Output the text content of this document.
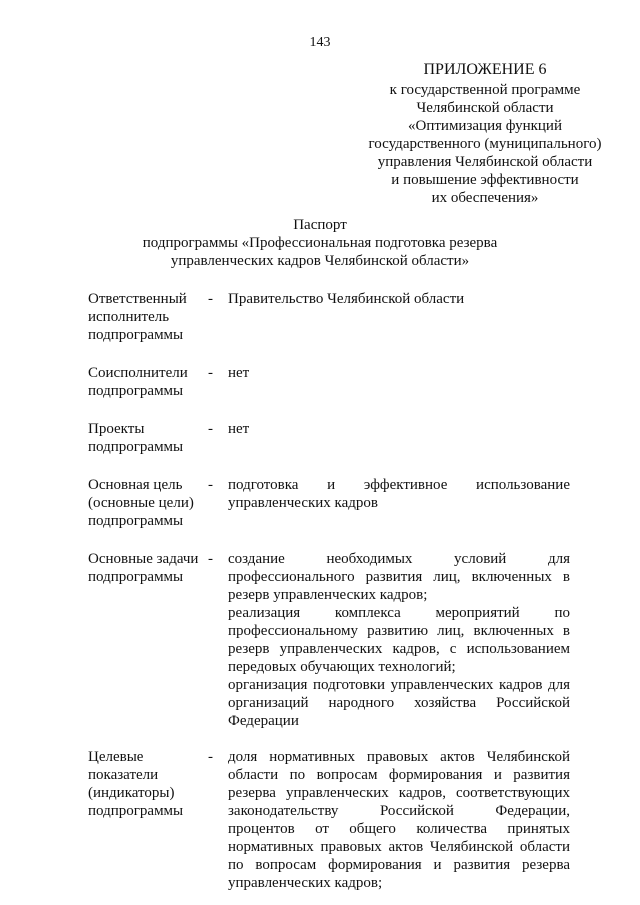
143
ПРИЛОЖЕНИЕ 6
к государственной программе
Челябинской области
«Оптимизация функций
государственного (муниципального)
управления Челябинской области
и повышение эффективности
их обеспечения»
Паспорт
подпрограммы «Профессиональная подготовка резерва
управленческих кадров Челябинской области»
Ответственный
исполнитель
подпрограммы
-	Правительство Челябинской области
Соисполнители
подпрограммы
-	нет
Проекты
подпрограммы
-	нет
Основная цель
(основные цели)
подпрограммы
-	подготовка и эффективное использование
управленческих кадров
Основные задачи
подпрограммы
-	создание необходимых условий для
профессионального развития лиц, включенных в
резерв управленческих кадров;
реализация комплекса мероприятий по
профессиональному развитию лиц, включенных в
резерв управленческих кадров, с использованием
передовых обучающих технологий;
организация подготовки управленческих кадров для
организаций народного хозяйства Российской
Федерации
Целевые
показатели
(индикаторы)
подпрограммы
-	доля нормативных правовых актов Челябинской
области по вопросам формирования и развития
резерва управленческих кадров, соответствующих
законодательству Российской Федерации,
процентов от общего количества принятых
нормативных правовых актов Челябинской области
по вопросам формирования и развития резерва
управленческих кадров;
